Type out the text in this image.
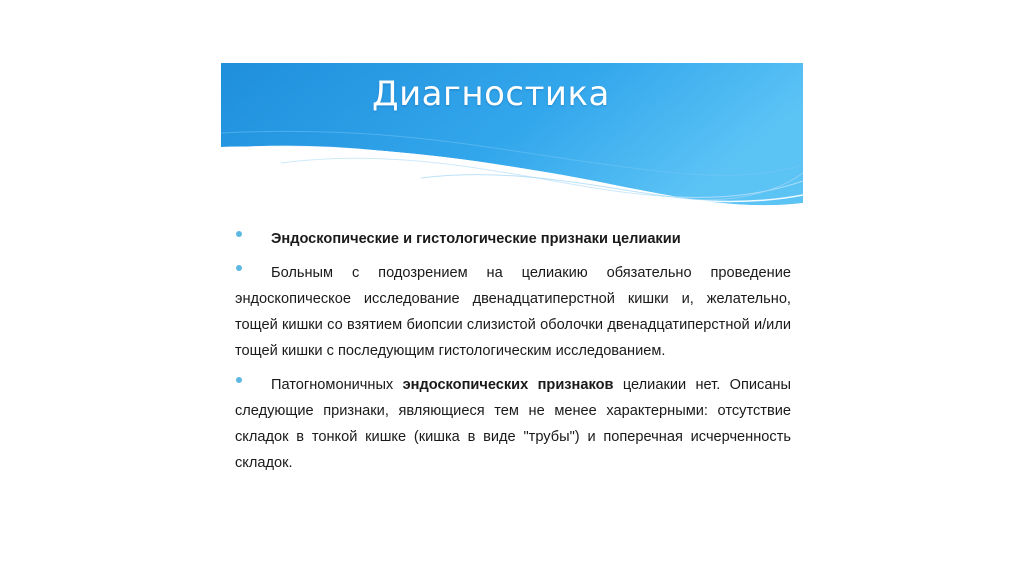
Диагностика
Эндоскопические и гистологические признаки целиакии
Больным с подозрением на целиакию обязательно проведение эндоскопическое исследование двенадцатиперстной кишки и, желательно, тощей кишки со взятием биопсии слизистой оболочки двенадцатиперстной и/или тощей кишки с последующим гистологическим исследованием.
Патогномоничных эндоскопических признаков целиакии нет. Описаны следующие признаки, являющиеся тем не менее характерными: отсутствие складок в тонкой кишке (кишка в виде "трубы") и поперечная исчерченность складок.
